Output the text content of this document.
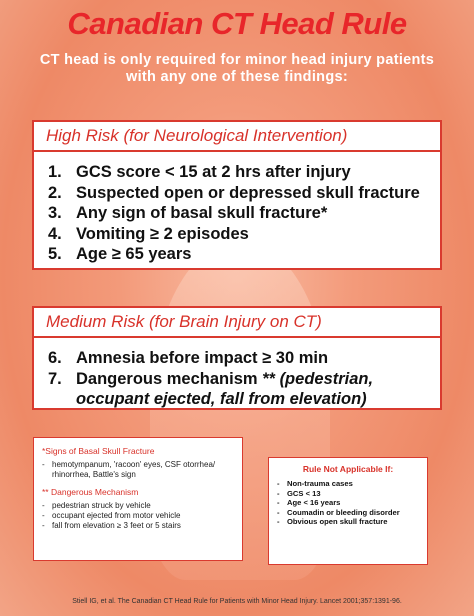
Canadian CT Head Rule
CT head is only required for minor head injury patients
with any one of these findings:
High Risk (for Neurological Intervention)
1. GCS score < 15 at 2 hrs after injury
2. Suspected open or depressed skull fracture
3. Any sign of basal skull fracture*
4. Vomiting ≥ 2 episodes
5. Age ≥ 65 years
Medium Risk (for Brain Injury on CT)
6. Amnesia before impact ≥ 30 min
7. Dangerous mechanism ** (pedestrian, occupant ejected, fall from elevation)
*Signs of Basal Skull Fracture
- hemotympanum, 'racoon' eyes, CSF otorrhea/ rhinorrhea, Battle's sign
** Dangerous Mechanism
- pedestrian struck by vehicle
- occupant ejected from motor vehicle
- fall from elevation ≥ 3 feet or 5 stairs
Rule Not Applicable If:
- Non-trauma cases
- GCS < 13
- Age < 16 years
- Coumadin or bleeding disorder
- Obvious open skull fracture
Stiell IG, et al. The Canadian CT Head Rule for Patients with Minor Head Injury. Lancet 2001;357:1391-96.
